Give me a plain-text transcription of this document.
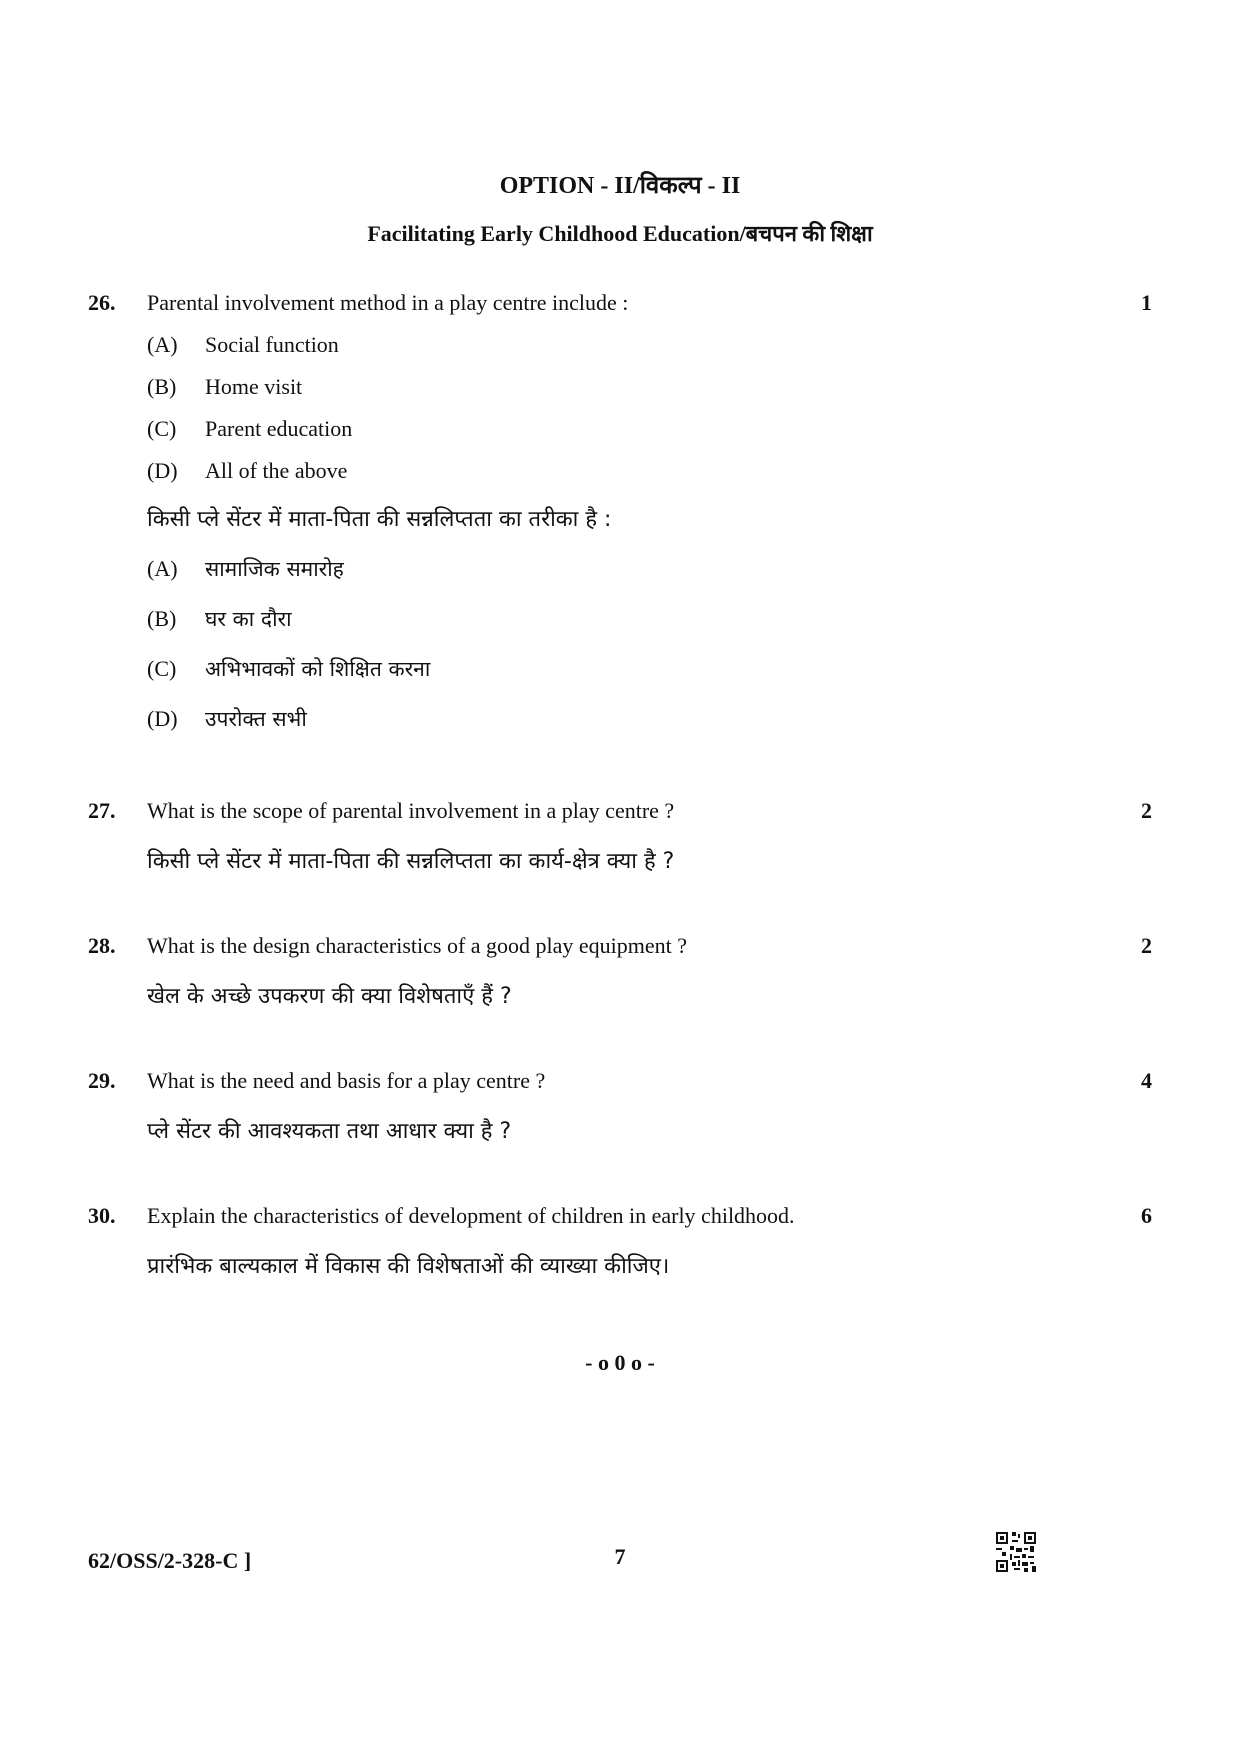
OPTION - II/विकल्प - II
Facilitating Early Childhood Education/बचपन की शिक्षा
26. Parental involvement method in a play centre include :	1
(A) Social function
(B) Home visit
(C) Parent education
(D) All of the above
किसी प्ले सेंटर में माता-पिता की सन्नलिप्तता का तरीका है :
(A) सामाजिक समारोह
(B) घर का दौरा
(C) अभिभावकों को शिक्षित करना
(D) उपरोक्त सभी
27. What is the scope of parental involvement in a play centre ?	2
किसी प्ले सेंटर में माता-पिता की सन्नलिप्तता का कार्य-क्षेत्र क्या है ?
28. What is the design characteristics of a good play equipment ?	2
खेल के अच्छे उपकरण की क्या विशेषताएँ हैं ?
29. What is the need and basis for a play centre ?	4
प्ले सेंटर की आवश्यकता तथा आधार क्या है ?
30. Explain the characteristics of development of children in early childhood.	6
प्रारंभिक बाल्यकाल में विकास की विशेषताओं की व्याख्या कीजिए।
- o 0 o -
62/OSS/2-328-C ]	7
